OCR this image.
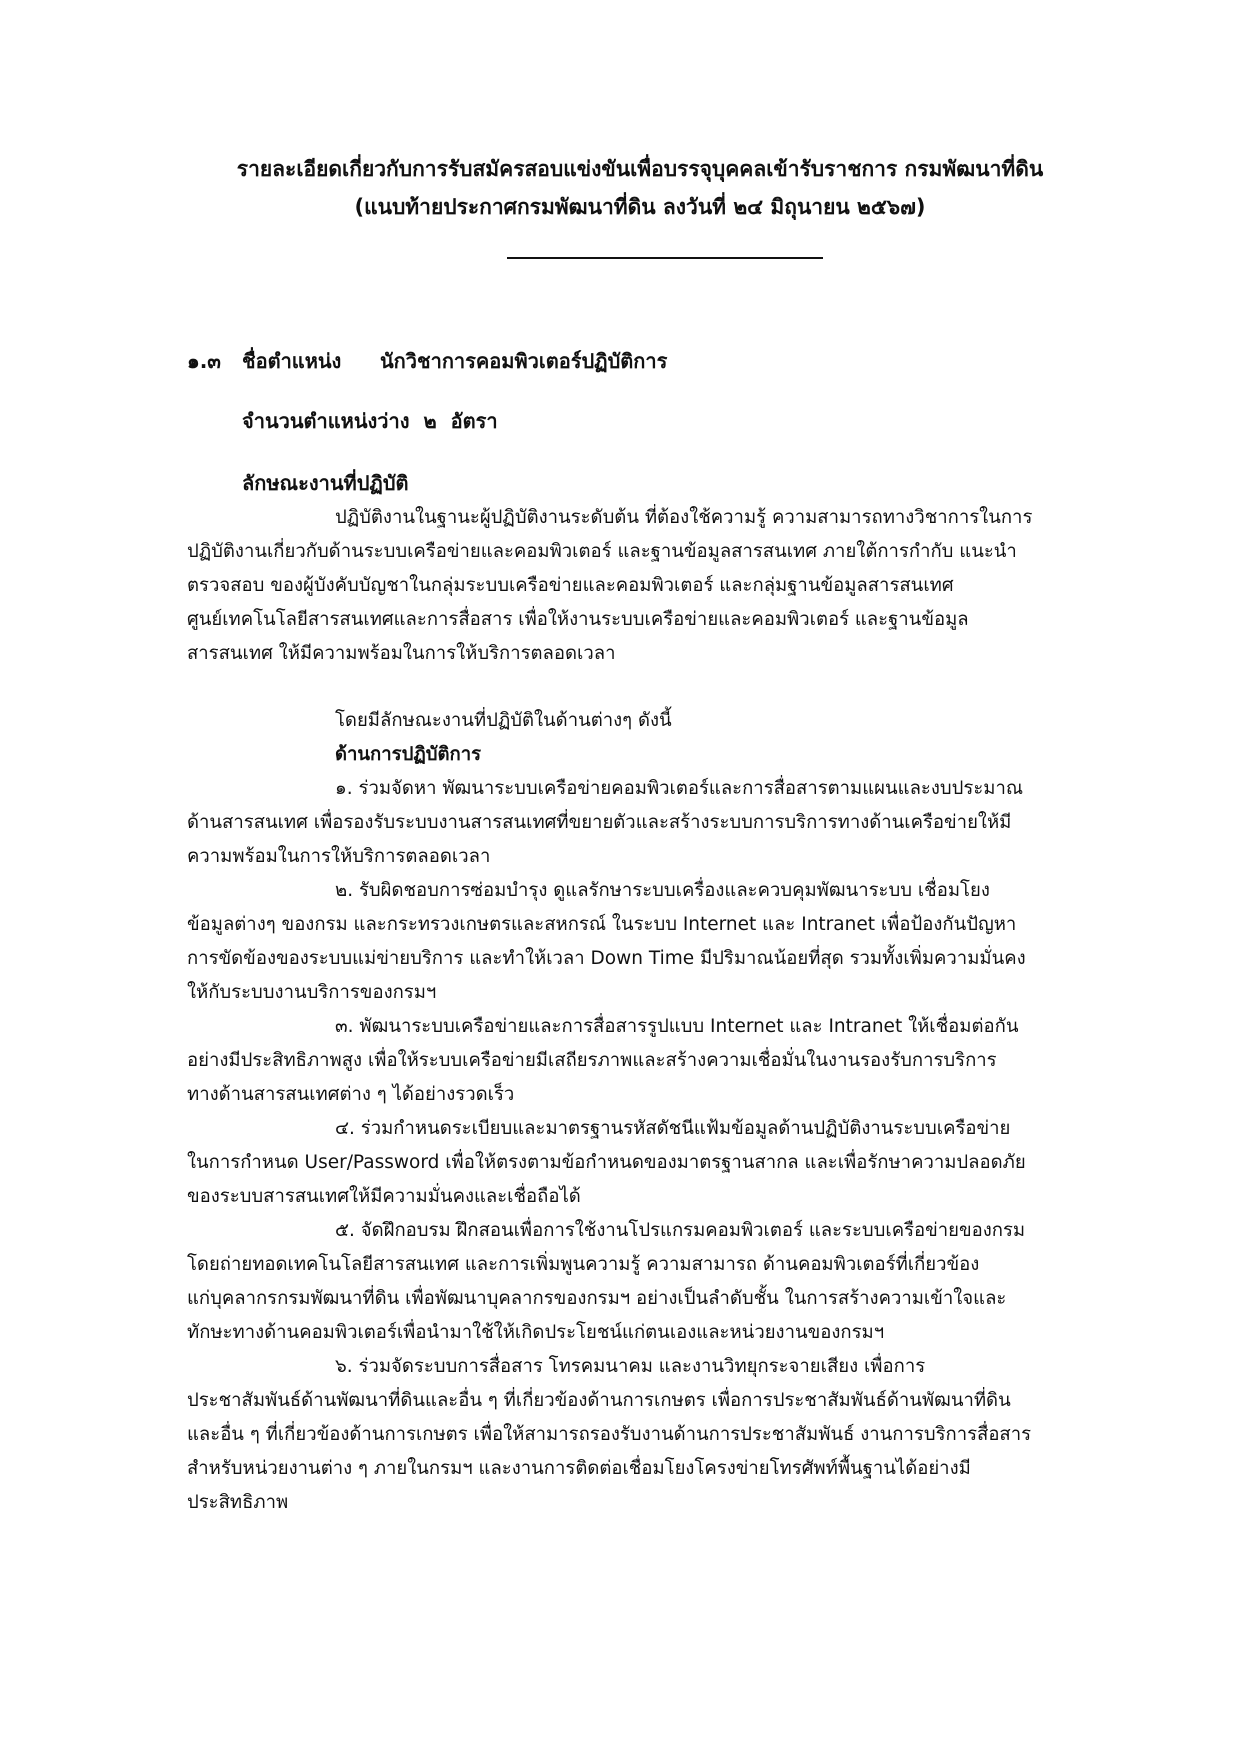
รายละเอียดเกี่ยวกับการรับสมัครสอบแข่งขันเพื่อบรรจุบุคคลเข้ารับราชการ กรมพัฒนาที่ดิน
(แนบท้ายประกาศกรมพัฒนาที่ดิน ลงวันที่ ๒๔ มิถุนายน ๒๕๖๗)
๑.๓ ชื่อตำแหน่ง นักวิชาการคอมพิวเตอร์ปฏิบัติการ
จำนวนตำแหน่งว่าง ๒ อัตรา
ลักษณะงานที่ปฏิบัติ
ปฏิบัติงานในฐานะผู้ปฏิบัติงานระดับต้น ที่ต้องใช้ความรู้ ความสามารถทางวิชาการในการ
ปฏิบัติงานเกี่ยวกับด้านระบบเครือข่ายและคอมพิวเตอร์ และฐานข้อมูลสารสนเทศ ภายใต้การกำกับ แนะนำ
ตรวจสอบ ของผู้บังคับบัญชาในกลุ่มระบบเครือข่ายและคอมพิวเตอร์ และกลุ่มฐานข้อมูลสารสนเทศ
ศูนย์เทคโนโลยีสารสนเทศและการสื่อสาร เพื่อให้งานระบบเครือข่ายและคอมพิวเตอร์ และฐานข้อมูล
สารสนเทศ ให้มีความพร้อมในการให้บริการตลอดเวลา
โดยมีลักษณะงานที่ปฏิบัติในด้านต่างๆ ดังนี้
ด้านการปฏิบัติการ
๑. ร่วมจัดหา พัฒนาระบบเครือข่ายคอมพิวเตอร์และการสื่อสารตามแผนและงบประมาณ
ด้านสารสนเทศ เพื่อรองรับระบบงานสารสนเทศที่ขยายตัวและสร้างระบบการบริการทางด้านเครือข่ายให้มี
ความพร้อมในการให้บริการตลอดเวลา
๒. รับผิดชอบการซ่อมบำรุง ดูแลรักษาระบบเครื่องและควบคุมพัฒนาระบบ เชื่อมโยง
ข้อมูลต่างๆ ของกรม และกระทรวงเกษตรและสหกรณ์ ในระบบ Internet และ Intranet เพื่อป้องกันปัญหา
การขัดข้องของระบบแม่ข่ายบริการ และทำให้เวลา Down Time มีปริมาณน้อยที่สุด รวมทั้งเพิ่มความมั่นคง
ให้กับระบบงานบริการของกรมฯ
๓. พัฒนาระบบเครือข่ายและการสื่อสารรูปแบบ Internet และ Intranet ให้เชื่อมต่อกัน
อย่างมีประสิทธิภาพสูง เพื่อให้ระบบเครือข่ายมีเสถียรภาพและสร้างความเชื่อมั่นในงานรองรับการบริการ
ทางด้านสารสนเทศต่าง ๆ ได้อย่างรวดเร็ว
๔. ร่วมกำหนดระเบียบและมาตรฐานรหัสดัชนีแฟ้มข้อมูลด้านปฏิบัติงานระบบเครือข่าย
ในการกำหนด User/Password เพื่อให้ตรงตามข้อกำหนดของมาตรฐานสากล และเพื่อรักษาความปลอดภัย
ของระบบสารสนเทศให้มีความมั่นคงและเชื่อถือได้
๕. จัดฝึกอบรม ฝึกสอนเพื่อการใช้งานโปรแกรมคอมพิวเตอร์ และระบบเครือข่ายของกรม
โดยถ่ายทอดเทคโนโลยีสารสนเทศ และการเพิ่มพูนความรู้ ความสามารถ ด้านคอมพิวเตอร์ที่เกี่ยวข้อง
แก่บุคลากรกรมพัฒนาที่ดิน เพื่อพัฒนาบุคลากรของกรมฯ อย่างเป็นลำดับชั้น ในการสร้างความเข้าใจและ
ทักษะทางด้านคอมพิวเตอร์เพื่อนำมาใช้ให้เกิดประโยชน์แก่ตนเองและหน่วยงานของกรมฯ
๖. ร่วมจัดระบบการสื่อสาร โทรคมนาคม และงานวิทยุกระจายเสียง เพื่อการ
ประชาสัมพันธ์ด้านพัฒนาที่ดินและอื่น ๆ ที่เกี่ยวข้องด้านการเกษตร เพื่อการประชาสัมพันธ์ด้านพัฒนาที่ดิน
และอื่น ๆ ที่เกี่ยวข้องด้านการเกษตร เพื่อให้สามารถรองรับงานด้านการประชาสัมพันธ์ งานการบริการสื่อสาร
สำหรับหน่วยงานต่าง ๆ ภายในกรมฯ และงานการติดต่อเชื่อมโยงโครงข่ายโทรศัพท์พื้นฐานได้อย่างมี
ประสิทธิภาพ
